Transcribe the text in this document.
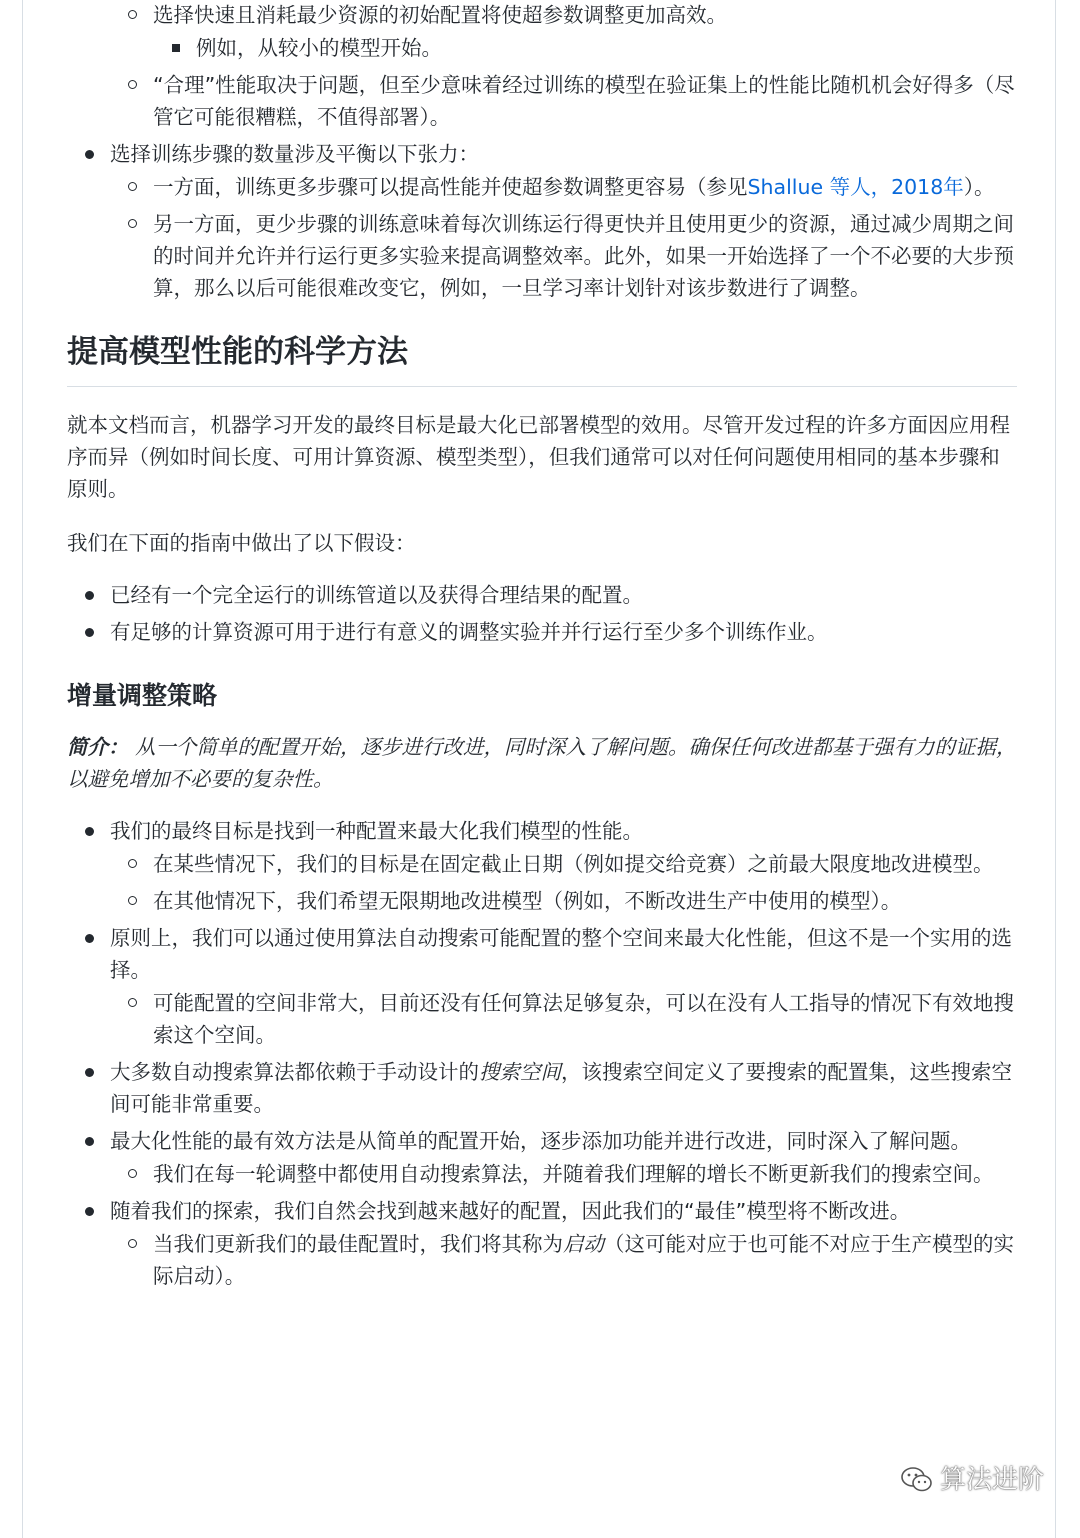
选择快速且消耗最少资源的初始配置将使超参数调整更加高效。
例如，从较小的模型开始。
“合理”性能取决于问题，但至少意味着经过训练的模型在验证集上的性能比随机机会好得多（尽管它可能很糟糕，不值得部署）。
选择训练步骤的数量涉及平衡以下张力：
一方面，训练更多步骤可以提高性能并使超参数调整更容易（参见Shallue 等人，2018年）。
另一方面，更少步骤的训练意味着每次训练运行得更快并且使用更少的资源，通过减少周期之间的时间并允许并行运行更多实验来提高调整效率。此外，如果一开始选择了一个不必要的大步预算，那么以后可能很难改变它，例如，一旦学习率计划针对该步数进行了调整。
提高模型性能的科学方法

就本文档而言，机器学习开发的最终目标是最大化已部署模型的效用。尽管开发过程的许多方面因应用程序而异（例如时间长度、可用计算资源、模型类型），但我们通常可以对任何问题使用相同的基本步骤和原则。

我们在下面的指南中做出了以下假设：

已经有一个完全运行的训练管道以及获得合理结果的配置。
有足够的计算资源可用于进行有意义的调整实验并并行运行至少多个训练作业。
增量调整策略

简介： 从一个简单的配置开始，逐步进行改进，同时深入了解问题。确保任何改进都基于强有力的证据，以避免增加不必要的复杂性。

我们的最终目标是找到一种配置来最大化我们模型的性能。
在某些情况下，我们的目标是在固定截止日期（例如提交给竞赛）之前最大限度地改进模型。
在其他情况下，我们希望无限期地改进模型（例如，不断改进生产中使用的模型）。
原则上，我们可以通过使用算法自动搜索可能配置的整个空间来最大化性能，但这不是一个实用的选择。
可能配置的空间非常大，目前还没有任何算法足够复杂，可以在没有人工指导的情况下有效地搜索这个空间。
大多数自动搜索算法都依赖于手动设计的搜索空间，该搜索空间定义了要搜索的配置集，这些搜索空间可能非常重要。
最大化性能的最有效方法是从简单的配置开始，逐步添加功能并进行改进，同时深入了解问题。
我们在每一轮调整中都使用自动搜索算法，并随着我们理解的增长不断更新我们的搜索空间。
随着我们的探索，我们自然会找到越来越好的配置，因此我们的“最佳”模型将不断改进。
当我们更新我们的最佳配置时，我们将其称为启动（这可能对应于也可能不对应于生产模型的实际启动）。
算法进阶
